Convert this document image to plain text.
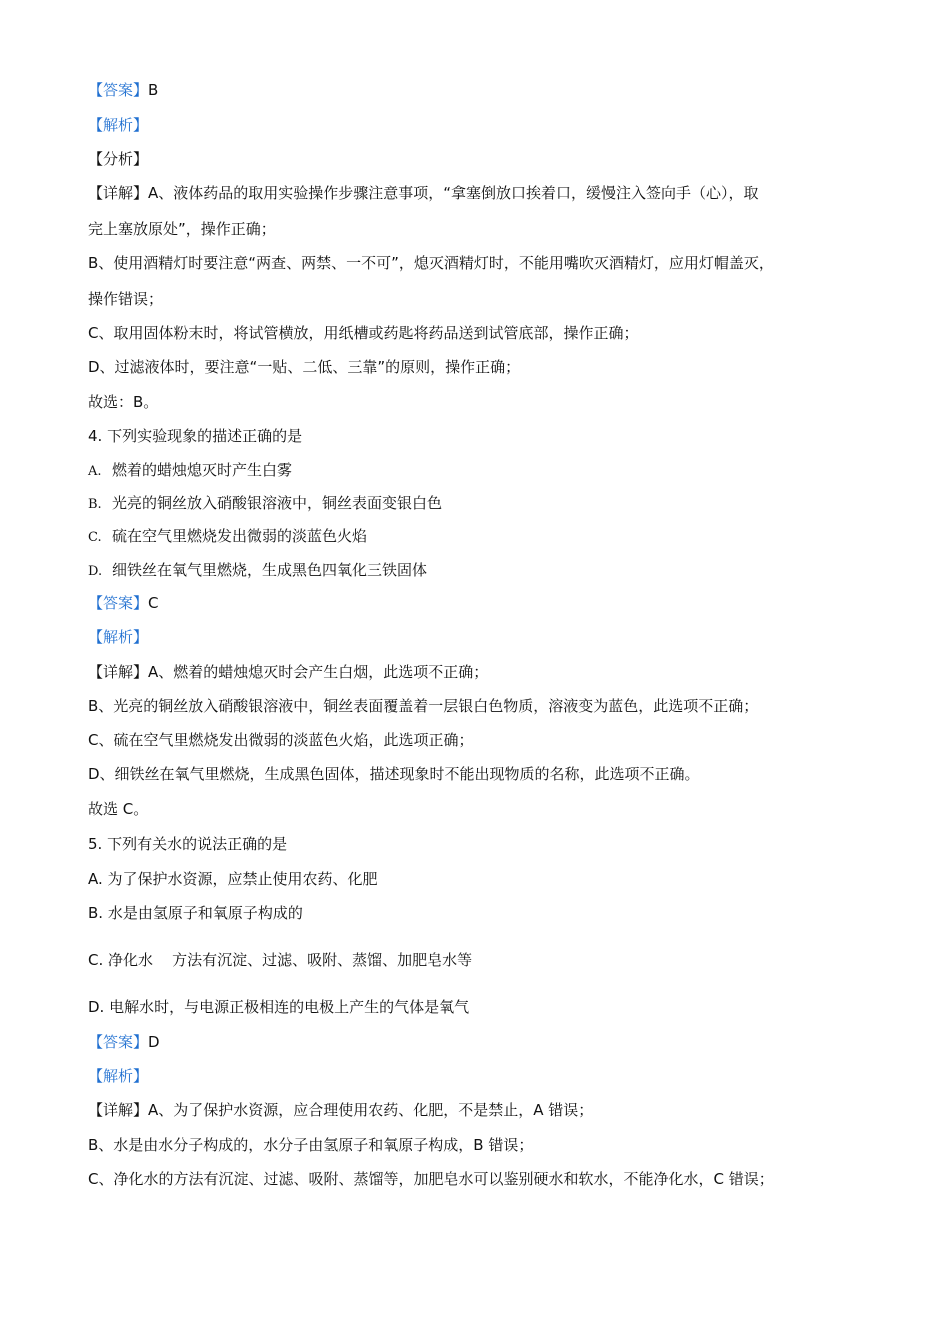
【答案】B
【解析】
【分析】
【详解】A、液体药品的取用实验操作步骤注意事项，“拿塞倒放口挨着口，缓慢注入签向手（心），取
完上塞放原处”，操作正确；
B、使用酒精灯时要注意“两查、两禁、一不可”，熄灭酒精灯时，不能用嘴吹灭酒精灯，应用灯帽盖灭，
操作错误；
C、取用固体粉末时，将试管横放，用纸槽或药匙将药品送到试管底部，操作正确；
D、过滤液体时，要注意“一贴、二低、三靠”的原则，操作正确；
故选：B。
4. 下列实验现象的描述正确的是
A. 燃着的蜡烛熄灭时产生白雾
B. 光亮的铜丝放入硝酸银溶液中，铜丝表面变银白色
C. 硫在空气里燃烧发出微弱的淡蓝色火焰
D. 细铁丝在氧气里燃烧，生成黑色四氧化三铁固体
【答案】C
【解析】
【详解】A、燃着的蜡烛熄灭时会产生白烟，此选项不正确；
B、光亮的铜丝放入硝酸银溶液中，铜丝表面覆盖着一层银白色物质，溶液变为蓝色，此选项不正确；
C、硫在空气里燃烧发出微弱的淡蓝色火焰，此选项正确；
D、细铁丝在氧气里燃烧，生成黑色固体，描述现象时不能出现物质的名称，此选项不正确。
故选 C。
5. 下列有关水的说法正确的是
A. 为了保护水资源，应禁止使用农药、化肥
B. 水是由氢原子和氧原子构成的
C. 净化水    方法有沉淀、过滤、吸附、蒸馏、加肥皂水等
D. 电解水时，与电源正极相连的电极上产生的气体是氧气
【答案】D
【解析】
【详解】A、为了保护水资源，应合理使用农药、化肥，不是禁止，A 错误；
B、水是由水分子构成的，水分子由氢原子和氧原子构成，B 错误；
C、净化水的方法有沉淀、过滤、吸附、蒸馏等，加肥皂水可以鉴别硬水和软水，不能净化水，C 错误；
